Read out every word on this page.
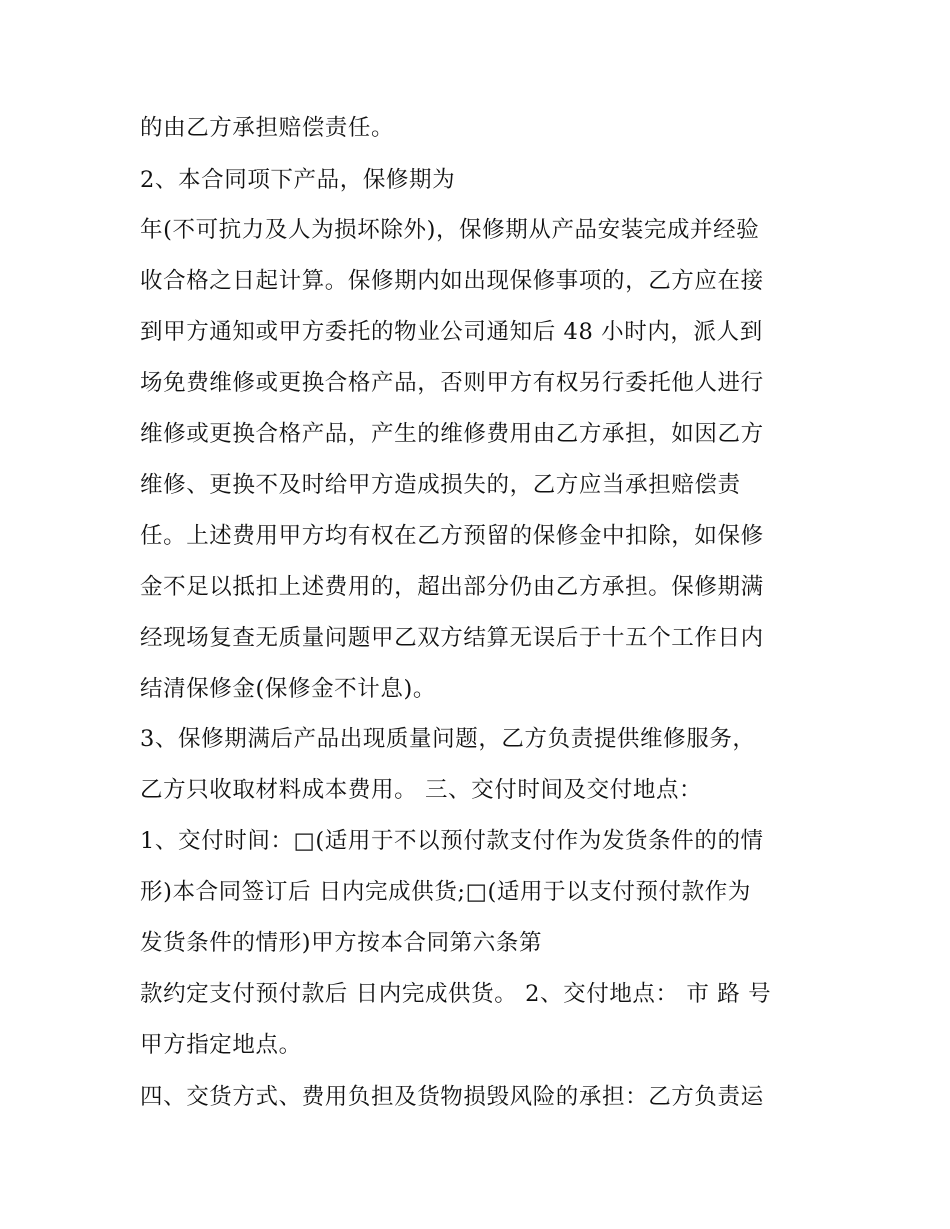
的由乙方承担赔偿责任。
2、本合同项下产品，保修期为
年(不可抗力及人为损坏除外)，保修期从产品安装完成并经验
收合格之日起计算。保修期内如出现保修事项的，乙方应在接
到甲方通知或甲方委托的物业公司通知后 48 小时内，派人到
场免费维修或更换合格产品，否则甲方有权另行委托他人进行
维修或更换合格产品，产生的维修费用由乙方承担，如因乙方
维修、更换不及时给甲方造成损失的，乙方应当承担赔偿责
任。上述费用甲方均有权在乙方预留的保修金中扣除，如保修
金不足以抵扣上述费用的，超出部分仍由乙方承担。保修期满
经现场复查无质量问题甲乙双方结算无误后于十五个工作日内
结清保修金(保修金不计息)。
3、保修期满后产品出现质量问题，乙方负责提供维修服务，
乙方只收取材料成本费用。 三、交付时间及交付地点：
1、交付时间：□(适用于不以预付款支付作为发货条件的的情
形)本合同签订后 日内完成供货;□(适用于以支付预付款作为
发货条件的情形)甲方按本合同第六条第
款约定支付预付款后 日内完成供货。 2、交付地点： 市 路 号
甲方指定地点。
四、交货方式、费用负担及货物损毁风险的承担：乙方负责运
